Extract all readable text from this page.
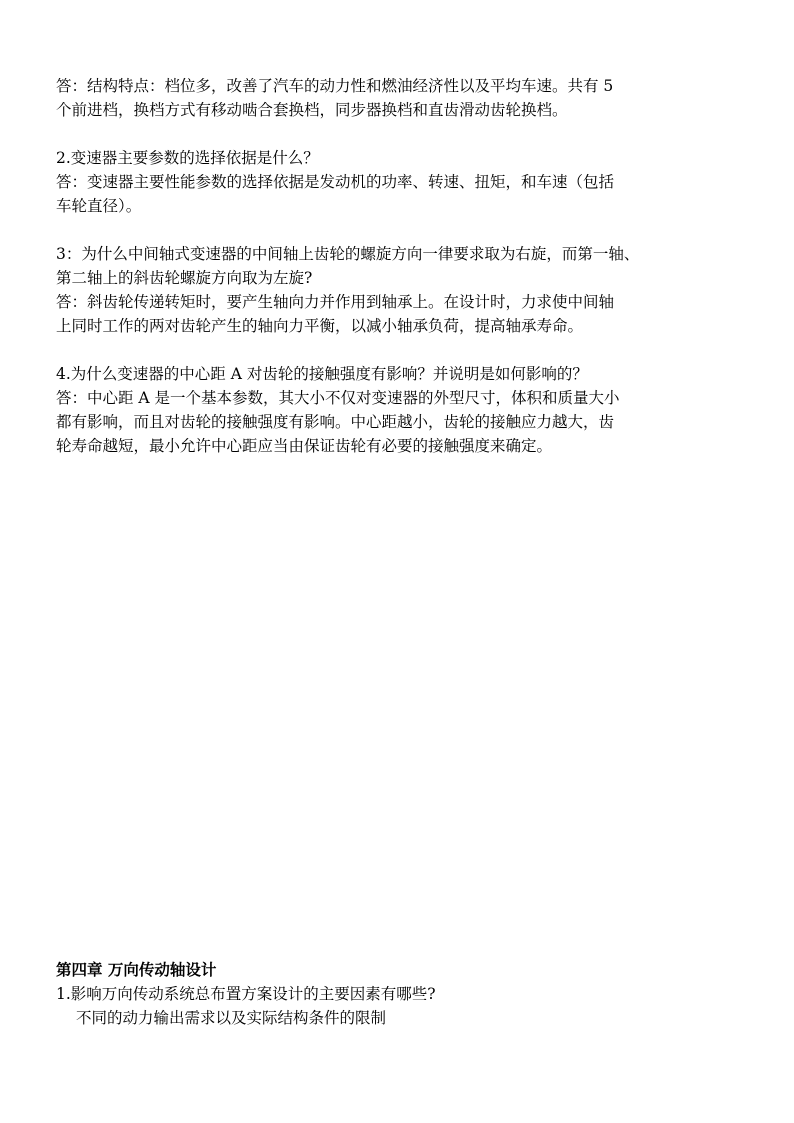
答：结构特点：档位多，改善了汽车的动力性和燃油经济性以及平均车速。共有 5
个前进档，换档方式有移动啮合套换档，同步器换档和直齿滑动齿轮换档。
2.变速器主要参数的选择依据是什么？
答：变速器主要性能参数的选择依据是发动机的功率、转速、扭矩，和车速（包括
车轮直径）。
3：为什么中间轴式变速器的中间轴上齿轮的螺旋方向一律要求取为右旋，而第一轴、
第二轴上的斜齿轮螺旋方向取为左旋?
答：斜齿轮传递转矩时，要产生轴向力并作用到轴承上。在设计时，力求使中间轴
上同时工作的两对齿轮产生的轴向力平衡，以减小轴承负荷，提高轴承寿命。
4.为什么变速器的中心距 A 对齿轮的接触强度有影响？并说明是如何影响的？
答：中心距 A 是一个基本参数，其大小不仅对变速器的外型尺寸，体积和质量大小
都有影响，而且对齿轮的接触强度有影响。中心距越小，齿轮的接触应力越大，齿
轮寿命越短，最小允许中心距应当由保证齿轮有必要的接触强度来确定。
第四章 万向传动轴设计
1.影响万向传动系统总布置方案设计的主要因素有哪些?
不同的动力输出需求以及实际结构条件的限制
